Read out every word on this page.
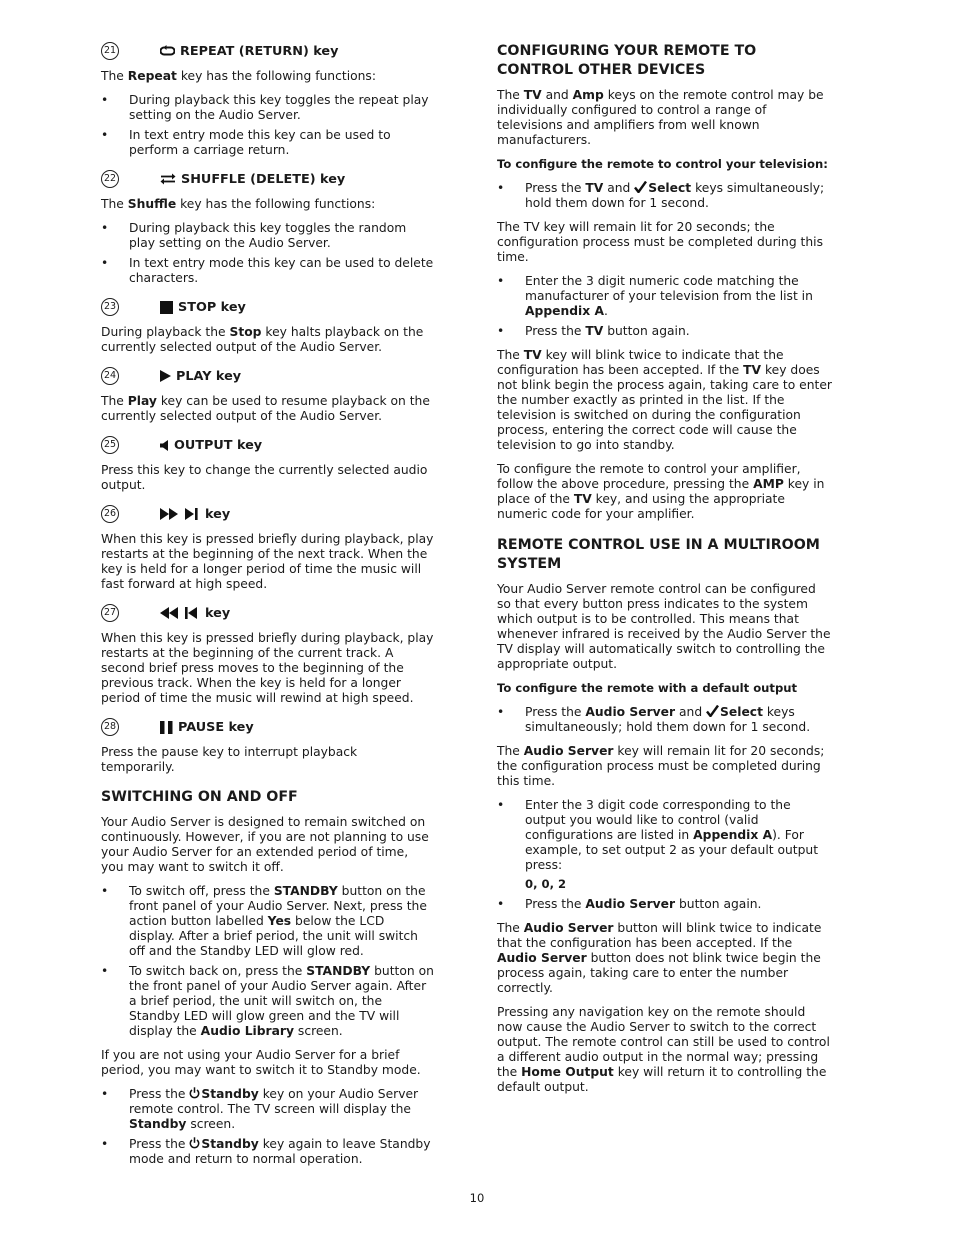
21	REPEAT (RETURN) key

The Repeat key has the following functions:

• During playback this key toggles the repeat play setting on the Audio Server.
• In text entry mode this key can be used to perform a carriage return.
22	SHUFFLE (DELETE) key

The Shuffle key has the following functions:

• During playback this key toggles the random play setting on the Audio Server.
• In text entry mode this key can be used to delete characters.
23	STOP key

During playback the Stop key halts playback on the currently selected output of the Audio Server.

24	PLAY key

The Play key can be used to resume playback on the currently selected output of the Audio Server.

25	OUTPUT key

Press this key to change the currently selected audio output.

26	key

When this key is pressed briefly during playback, play restarts at the beginning of the next track. When the key is held for a longer period of time the music will fast forward at high speed.

27	key

When this key is pressed briefly during playback, play restarts at the beginning of the current track. A second brief press moves to the beginning of the previous track. When the key is held for a longer period of time the music will rewind at high speed.

28	PAUSE key

Press the pause key to interrupt playback temporarily.

SWITCHING ON AND OFF

Your Audio Server is designed to remain switched on continuously. However, if you are not planning to use your Audio Server for an extended period of time, you may want to switch it off.

• To switch off, press the STANDBY button on the front panel of your Audio Server. Next, press the action button labelled Yes below the LCD display. After a brief period, the unit will switch off and the Standby LED will glow red.
• To switch back on, press the STANDBY button on the front panel of your Audio Server again. After a brief period, the unit will switch on, the Standby LED will glow green and the TV will display the Audio Library screen.

If you are not using your Audio Server for a brief period, you may want to switch it to Standby mode.

• Press the Standby key on your Audio Server remote control. The TV screen will display the Standby screen.
• Press the Standby key again to leave Standby mode and return to normal operation.
CONFIGURING YOUR REMOTE TO CONTROL OTHER DEVICES

The TV and Amp keys on the remote control may be individually configured to control a range of televisions and amplifiers from well known manufacturers.

To configure the remote to control your television:

• Press the TV and Select keys simultaneously; hold them down for 1 second.

The TV key will remain lit for 20 seconds; the configuration process must be completed during this time.

• Enter the 3 digit numeric code matching the manufacturer of your television from the list in Appendix A.
• Press the TV button again.

The TV key will blink twice to indicate that the configuration has been accepted. If the TV key does not blink begin the process again, taking care to enter the number exactly as printed in the list. If the television is switched on during the configuration process, entering the correct code will cause the television to go into standby.

To configure the remote to control your amplifier, follow the above procedure, pressing the AMP key in place of the TV key, and using the appropriate numeric code for your amplifier.

REMOTE CONTROL USE IN A MULTIROOM SYSTEM

Your Audio Server remote control can be configured so that every button press indicates to the system which output is to be controlled. This means that whenever infrared is received by the Audio Server the TV display will automatically switch to controlling the appropriate output.

To configure the remote with a default output

• Press the Audio Server and Select keys simultaneously; hold them down for 1 second.

The Audio Server key will remain lit for 20 seconds; the configuration process must be completed during this time.

• Enter the 3 digit code corresponding to the output you would like to control (valid configurations are listed in Appendix A). For example, to set output 2 as your default output press:
0, 0, 2
• Press the Audio Server button again.

The Audio Server button will blink twice to indicate that the configuration has been accepted. If the Audio Server button does not blink twice begin the process again, taking care to enter the number correctly.

Pressing any navigation key on the remote should now cause the Audio Server to switch to the correct output. The remote control can still be used to control a different audio output in the normal way; pressing the Home Output key will return it to controlling the default output.

10
